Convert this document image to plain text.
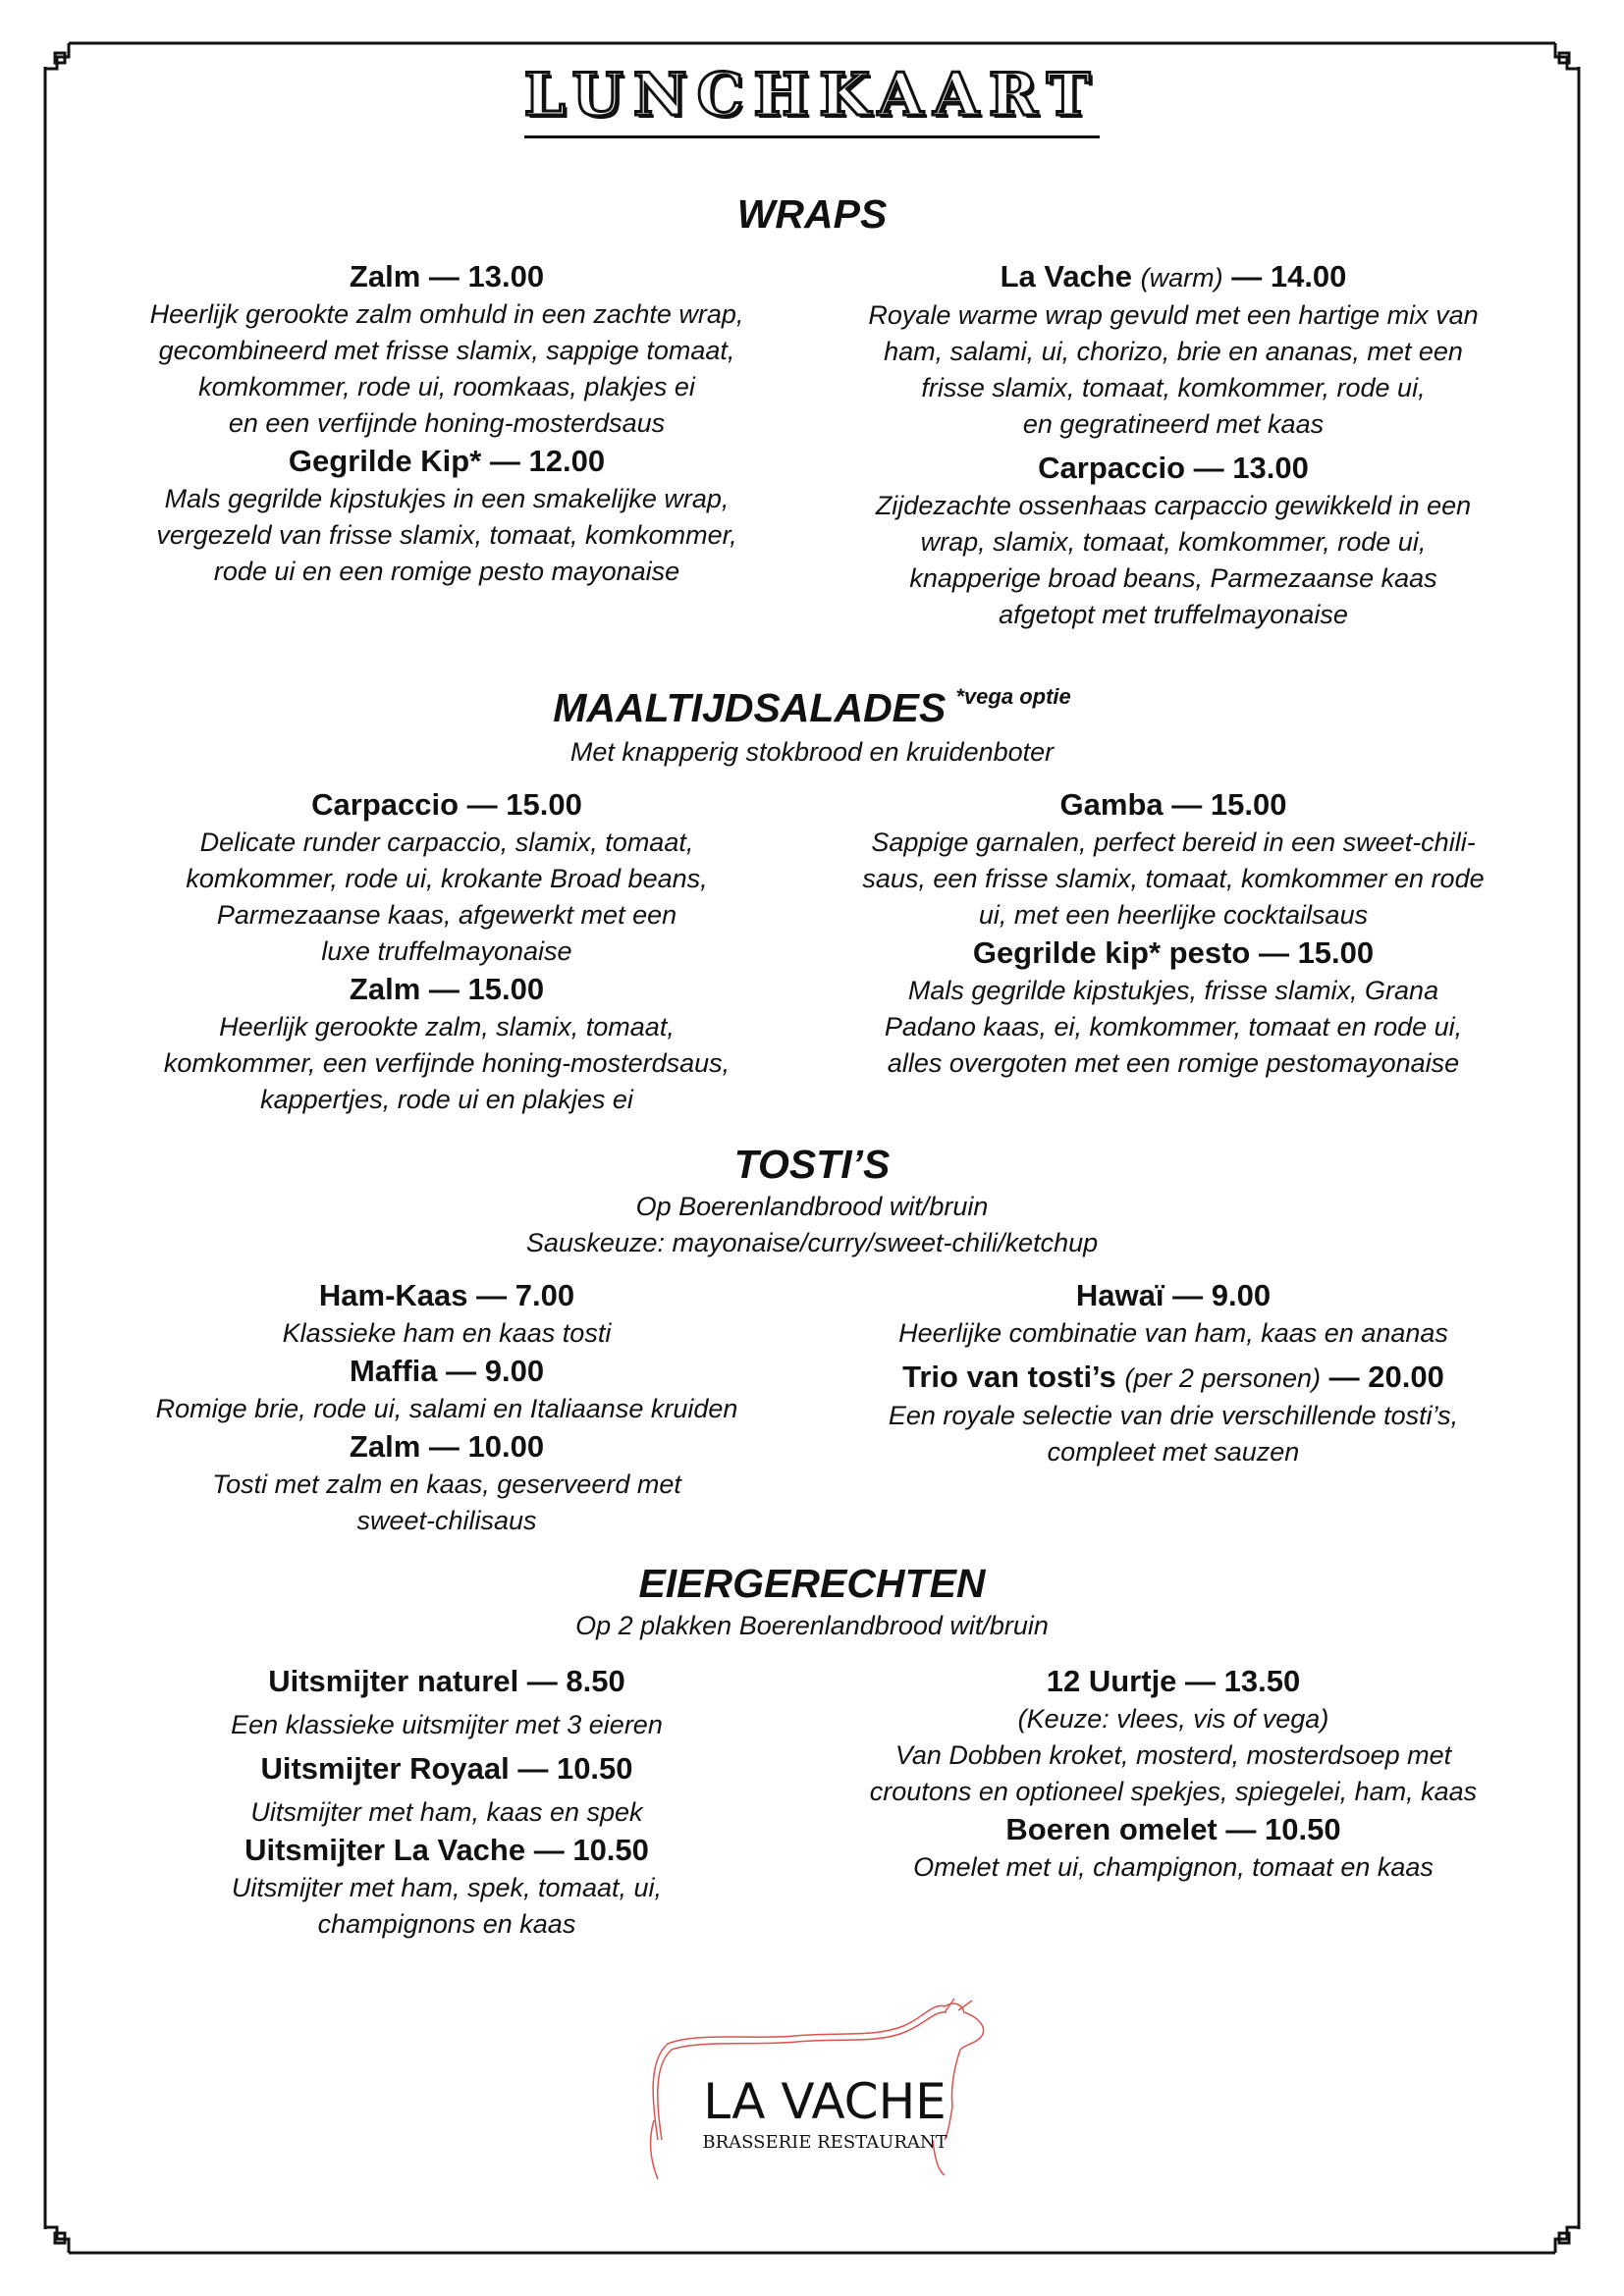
LUNCHKAART
WRAPS
Zalm — 13.00
Heerlijk gerookte zalm omhuld in een zachte wrap,
gecombineerd met frisse slamix, sappige tomaat,
komkommer, rode ui, roomkaas, plakjes ei
en een verfijnde honing-mosterdsaus
Gegrilde Kip* — 12.00
Mals gegrilde kipstukjes in een smakelijke wrap,
vergezeld van frisse slamix, tomaat, komkommer,
rode ui en een romige pesto mayonaise
La Vache (warm) — 14.00
Royale warme wrap gevuld met een hartige mix van
ham, salami, ui, chorizo, brie en ananas, met een
frisse slamix, tomaat, komkommer, rode ui,
en gegratineerd met kaas
Carpaccio — 13.00
Zijdezachte ossenhaas carpaccio gewikkeld in een
wrap, slamix, tomaat, komkommer, rode ui,
knapperige broad beans, Parmezaanse kaas
afgetopt met truffelmayonaise
MAALTIJDSALADES $^{*vega optie}$
Met knapperig stokbrood en kruidenboter
Carpaccio — 15.00
Delicate runder carpaccio, slamix, tomaat,
komkommer, rode ui, krokante Broad beans,
Parmezaanse kaas, afgewerkt met een
luxe truffelmayonaise
Zalm — 15.00
Heerlijk gerookte zalm, slamix, tomaat,
komkommer, een verfijnde honing-mosterdsaus,
kappertjes, rode ui en plakjes ei
Gamba — 15.00
Sappige garnalen, perfect bereid in een sweet-chili-
saus, een frisse slamix, tomaat, komkommer en rode
ui, met een heerlijke cocktailsaus
Gegrilde kip* pesto — 15.00
Mals gegrilde kipstukjes, frisse slamix, Grana
Padano kaas, ei, komkommer, tomaat en rode ui,
alles overgoten met een romige pestomayonaise
TOSTI’S
Op Boerenlandbrood wit/bruin
Sauskeuze: mayonaise/curry/sweet-chili/ketchup
Ham-Kaas — 7.00
Klassieke ham en kaas tosti
Maffia — 9.00
Romige brie, rode ui, salami en Italiaanse kruiden
Zalm — 10.00
Tosti met zalm en kaas, geserveerd met
sweet-chilisaus
Hawaï — 9.00
Heerlijke combinatie van ham, kaas en ananas
Trio van tosti’s (per 2 personen) — 20.00
Een royale selectie van drie verschillende tosti’s,
compleet met sauzen
EIERGERECHTEN
Op 2 plakken Boerenlandbrood wit/bruin
Uitsmijter naturel — 8.50
Een klassieke uitsmijter met 3 eieren
Uitsmijter Royaal — 10.50
Uitsmijter met ham, kaas en spek
Uitsmijter La Vache — 10.50
Uitsmijter met ham, spek, tomaat, ui,
champignons en kaas
12 Uurtje — 13.50
(Keuze: vlees, vis of vega)
Van Dobben kroket, mosterd, mosterdsoep met
croutons en optioneel spekjes, spiegelei, ham, kaas
Boeren omelet — 10.50
Omelet met ui, champignon, tomaat en kaas
LA VACHE
BRASSERIE RESTAURANT
